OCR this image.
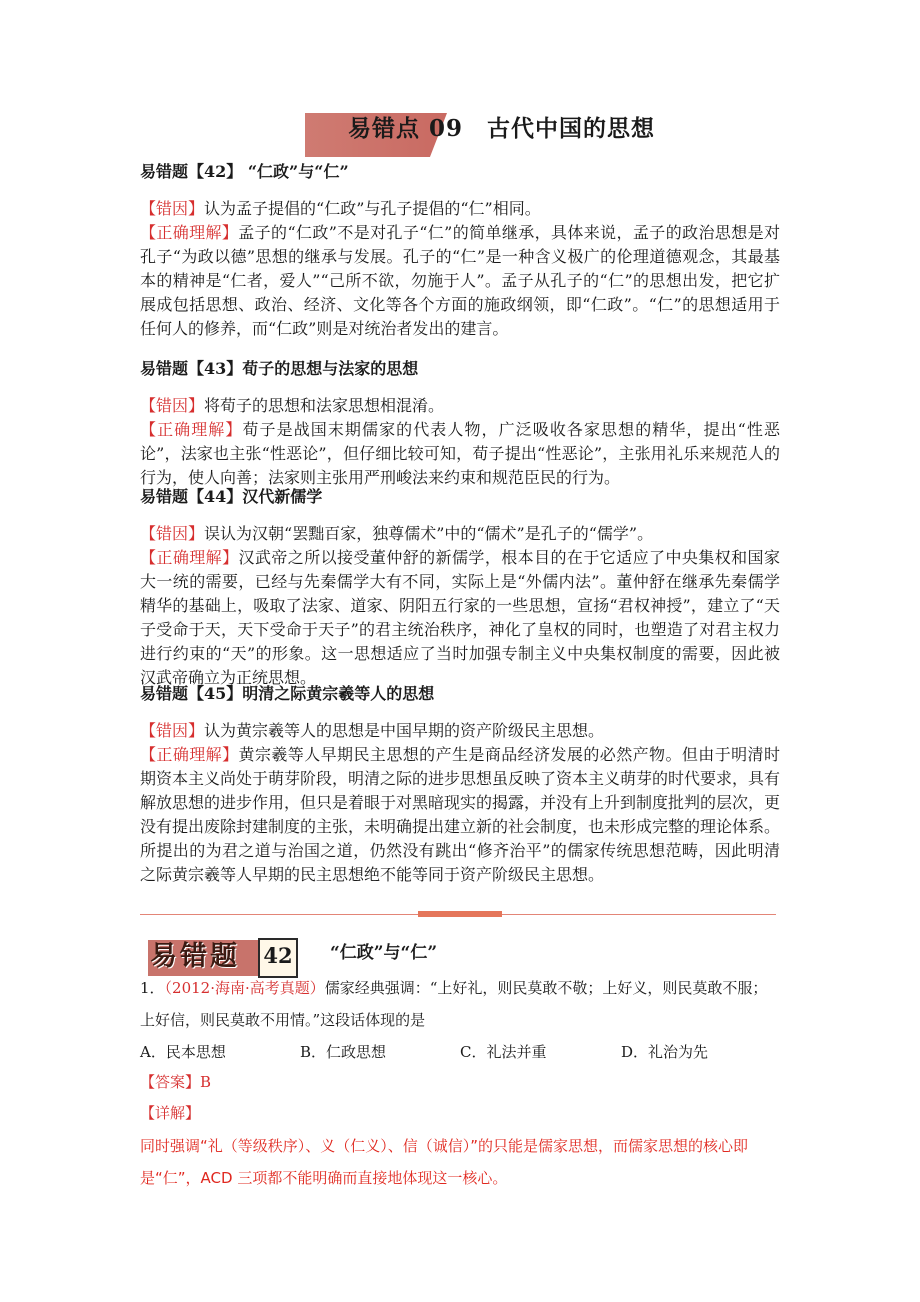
易错点 09 古代中国的思想
易错题【42】 “仁政”与“仁”
【错因】认为孟子提倡的“仁政”与孔子提倡的“仁”相同。
【正确理解】孟子的“仁政”不是对孔子“仁”的简单继承，具体来说，孟子的政治思想是对孔子“为政以德”思想的继承与发展。孔子的“仁”是一种含义极广的伦理道德观念，其最基本的精神是“仁者，爱人”“己所不欲，勿施于人”。孟子从孔子的“仁”的思想出发，把它扩展成包括思想、政治、经济、文化等各个方面的施政纲领，即“仁政”。“仁”的思想适用于任何人的修养，而“仁政”则是对统治者发出的建言。
易错题【43】荀子的思想与法家的思想
【错因】将荀子的思想和法家思想相混淆。
【正确理解】荀子是战国末期儒家的代表人物，广泛吸收各家思想的精华，提出“性恶论”，法家也主张“性恶论”，但仔细比较可知，荀子提出“性恶论”，主张用礼乐来规范人的行为，使人向善；法家则主张用严刑峻法来约束和规范臣民的行为。
易错题【44】汉代新儒学
【错因】误认为汉朝“罢黜百家，独尊儒术”中的“儒术”是孔子的“儒学”。
【正确理解】汉武帝之所以接受董仲舒的新儒学，根本目的在于它适应了中央集权和国家大一统的需要，已经与先秦儒学大有不同，实际上是“外儒内法”。董仲舒在继承先秦儒学精华的基础上，吸取了法家、道家、阴阳五行家的一些思想，宣扬“君权神授”，建立了“天子受命于天，天下受命于天子”的君主统治秩序，神化了皇权的同时，也塑造了对君主权力进行约束的“天”的形象。这一思想适应了当时加强专制主义中央集权制度的需要，因此被汉武帝确立为正统思想。
易错题【45】明清之际黄宗羲等人的思想
【错因】认为黄宗羲等人的思想是中国早期的资产阶级民主思想。
【正确理解】黄宗羲等人早期民主思想的产生是商品经济发展的必然产物。但由于明清时期资本主义尚处于萌芽阶段，明清之际的进步思想虽反映了资本主义萌芽的时代要求，具有解放思想的进步作用，但只是着眼于对黑暗现实的揭露，并没有上升到制度批判的层次，更没有提出废除封建制度的主张，未明确提出建立新的社会制度，也未形成完整的理论体系。所提出的为君之道与治国之道，仍然没有跳出“修齐治平”的儒家传统思想范畴，因此明清之际黄宗羲等人早期的民主思想绝不能等同于资产阶级民主思想。
易错题	42	“仁政”与“仁”
1．（2012·海南·高考真题）儒家经典强调：“上好礼，则民莫敢不敬；上好义，则民莫敢不服；上好信，则民莫敢不用情。”这段话体现的是
A．民本思想	B．仁政思想	C．礼法并重	D．礼治为先
【答案】B
【详解】
同时强调“礼（等级秩序）、义（仁义）、信（诚信）”的只能是儒家思想，而儒家思想的核心即是“仁”，ACD 三项都不能明确而直接地体现这一核心。
